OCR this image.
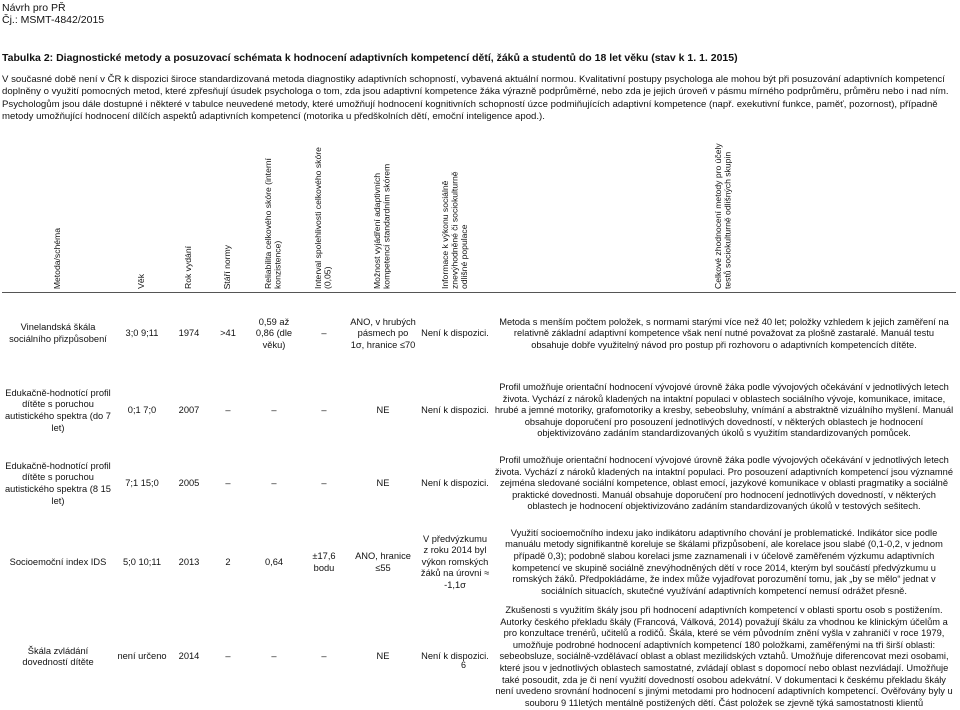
Návrh pro PŘ
Čj.: MSMT-4842/2015
Tabulka 2: Diagnostické metody a posuzovací schémata k hodnocení adaptivních kompetencí dětí, žáků a studentů do 18 let věku (stav k 1. 1. 2015)

V současné době není v ČR k dispozici široce standardizovaná metoda diagnostiky adaptivních schopností, vybavená aktuální normou. Kvalitativní postupy psychologa ale mohou být při posuzování adaptivních kompetencí doplněny o využití pomocných metod, které zpřesňují úsudek psychologa o tom, zda jsou adaptivní kompetence žáka výrazně podprůměrné, nebo zda je jejich úroveň v pásmu mírného podprůměru, průměru nebo i nad ním. Psychologům jsou dále dostupné i některé v tabulce neuvedené metody, které umožňují hodnocení kognitivních schopností úzce podmiňujících adaptivní kompetence (např. exekutivní funkce, paměť, pozornost), případně metody umožňující hodnocení dílčích aspektů adaptivních kompetencí (motorika u předškolních dětí, emoční inteligence apod.).

Metoda/schéma	Věk	Rok vydání	Stáří normy	Reliabilita celkového skóre (interní konzistence)	Interval spolehlivosti celkového skóre (0,05)	Možnost vyjádření adaptivních kompetencí standardním skórem	Informace k výkonu sociálně znevýhodněné či sociokulturně odlišné populace	Celkové zhodnocení metody pro účely testů sociokulturně odlišných skupin

Vinelandská škála sociálního přizpůsobení	3;0 9;11	1974	>41	0,59 až 0,86 (dle věku)	–	ANO, v hrubých pásmech po 1σ, hranice ≤70	Není k dispozici.	Metoda s menším počtem položek, s normami starými více než 40 let; položky vzhledem k jejich zaměření na relativně základní adaptivní kompetence však není nutné považovat za plošně zastaralé. Manuál testu obsahuje dobře využitelný návod pro postup při rozhovoru o adaptivních kompetencích dítěte.
Edukačně-hodnotící profil dítěte s poruchou autistického spektra (do 7 let)	0;1 7;0	2007	–	–	–	NE	Není k dispozici.	Profil umožňuje orientační hodnocení vývojové úrovně žáka podle vývojových očekávání v jednotlivých letech života. Vychází z nároků kladených na intaktní populaci v oblastech sociálního vývoje, komunikace, imitace, hrubé a jemné motoriky, grafomotoriky a kresby, sebeobsluhy, vnímání a abstraktně vizuálního myšlení. Manuál obsahuje doporučení pro posouzení jednotlivých dovedností, v některých oblastech je hodnocení objektivizováno zadáním standardizovaných úkolů s využitím standardizovaných pomůcek.
Edukačně-hodnotící profil dítěte s poruchou autistického spektra (8 15 let)	7;1 15;0	2005	–	–	–	NE	Není k dispozici.	Profil umožňuje orientační hodnocení vývojové úrovně žáka podle vývojových očekávání v jednotlivých letech života. Vychází z nároků kladených na intaktní populaci. Pro posouzení adaptivních kompetencí jsou významné zejména sledované sociální kompetence, oblast emocí, jazykové komunikace v oblasti pragmatiky a sociálně praktické dovednosti. Manuál obsahuje doporučení pro hodnocení jednotlivých dovedností, v některých oblastech je hodnocení objektivizováno zadáním standardizovaných úkolů v testových sešitech.
Socioemoční index IDS	5;0 10;11	2013	2	0,64	±17,6 bodu	ANO, hranice ≤55	V předvýzkumu z roku 2014 byl výkon romských žáků na úrovni ≈ -1,1σ	Využití socioemočního indexu jako indikátoru adaptivního chování je problematické. Indikátor sice podle manuálu metody signifikantně koreluje se škálami přizpůsobení, ale korelace jsou slabé (0,1-0,2, v jednom případě 0,3); podobně slabou korelaci jsme zaznamenali i v účelově zaměřeném výzkumu adaptivních kompetencí ve skupině sociálně znevýhodněných dětí v roce 2014, kterým byl součástí předvýzkumu u romských žáků. Předpokládáme, že index může vyjadřovat porozumění tomu, jak „by se mělo“ jednat v sociálních situacích, skutečné využívání adaptivních kompetencí nemusí odrážet přesně.
Škála zvládání dovedností dítěte	není určeno	2014	–	–	–	NE	Není k dispozici.	Zkušenosti s využitím škály jsou při hodnocení adaptivních kompetencí v oblasti sportu osob s postižením. Autorky českého překladu škály (Francová, Válková, 2014) považují škálu za vhodnou ke klinickým účelům a pro konzultace trenérů, učitelů a rodičů. Škála, které se vém původním znění vyšla v zahraničí v roce 1979, umožňuje podrobné hodnocení adaptivních kompetencí 180 položkami, zaměřenými na tři širší oblasti: sebeobsluze, sociálně-vzdělávací oblast a oblast mezilidských vztahů. Umožňuje diferencovat mezi osobami, které jsou v jednotlivých oblastech samostatné, zvládají oblast s dopomocí nebo oblast nezvládají. Umožňuje také posoudit, zda je či není využití dovedností osobou adekvátní. V dokumentaci k českému překladu škály není uvedeno srovnání hodnocení s jinými metodami pro hodnocení adaptivních kompetencí. Ověřovány byly u souboru 9 11letých mentálně postižených dětí. Část položek se zjevně týká samostatnosti klientů
6
